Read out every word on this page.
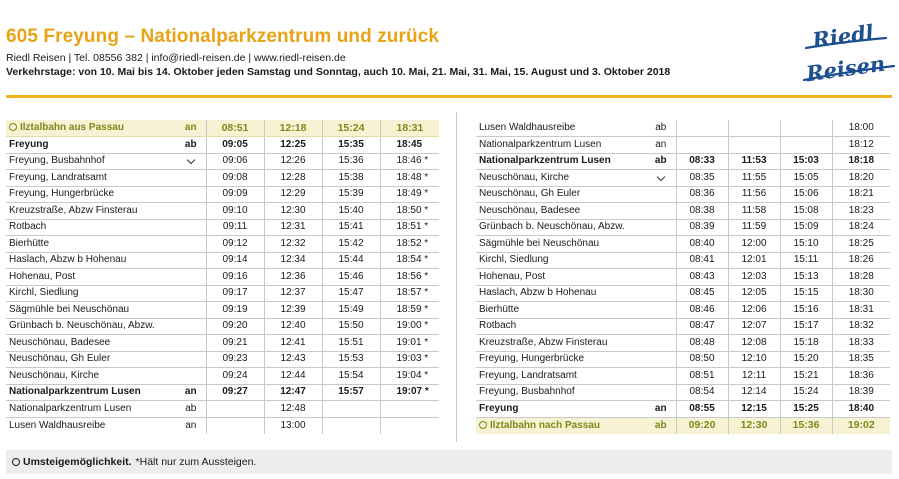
605 Freyung – Nationalparkzentrum und zurück
Riedl Reisen | Tel. 08556 382 | info@riedl-reisen.de | www.riedl-reisen.de
Verkehrstage: von 10. Mai bis 14. Oktober jeden Samstag und Sonntag, auch 10. Mai, 21. Mai, 31. Mai, 15. August und 3. Oktober 2018
Riedl
Reisen
Ilztalbahn aus Passau	an	08:51	12:18	15:24	18:31
Freyung	ab	09:05	12:25	15:35	18:45
Freyung, Busbahnhof		09:06	12:26	15:36	18:46 *
Freyung, Landratsamt		09:08	12:28	15:38	18:48 *
Freyung, Hungerbrücke		09:09	12:29	15:39	18:49 *
Kreuzstraße, Abzw Finsterau		09:10	12:30	15:40	18:50 *
Rotbach		09:11	12:31	15:41	18:51 *
Bierhütte		09:12	12:32	15:42	18:52 *
Haslach, Abzw b Hohenau		09:14	12:34	15:44	18:54 *
Hohenau, Post		09:16	12:36	15:46	18:56 *
Kirchl, Siedlung		09:17	12:37	15:47	18:57 *
Sägmühle bei Neuschönau		09:19	12:39	15:49	18:59 *
Grünbach b. Neuschönau, Abzw.		09:20	12:40	15:50	19:00 *
Neuschönau, Badesee		09:21	12:41	15:51	19:01 *
Neuschönau, Gh Euler		09:23	12:43	15:53	19:03 *
Neuschönau, Kirche		09:24	12:44	15:54	19:04 *
Nationalparkzentrum Lusen	an	09:27	12:47	15:57	19:07 *
Nationalparkzentrum Lusen	ab		12:48		
Lusen Waldhausreibe	an		13:00		
Lusen Waldhausreibe	ab				18:00
Nationalparkzentrum Lusen	an				18:12
Nationalparkzentrum Lusen	ab	08:33	11:53	15:03	18:18
Neuschönau, Kirche		08:35	11:55	15:05	18:20
Neuschönau, Gh Euler		08:36	11:56	15:06	18:21
Neuschönau, Badesee		08:38	11:58	15:08	18:23
Grünbach b. Neuschönau, Abzw.		08:39	11:59	15:09	18:24
Sägmühle bei Neuschönau		08:40	12:00	15:10	18:25
Kirchl, Siedlung		08:41	12:01	15:11	18:26
Hohenau, Post		08:43	12:03	15:13	18:28
Haslach, Abzw b Hohenau		08:45	12:05	15:15	18:30
Bierhütte		08:46	12:06	15:16	18:31
Rotbach		08:47	12:07	15:17	18:32
Kreuzstraße, Abzw Finsterau		08:48	12:08	15:18	18:33
Freyung, Hungerbrücke		08:50	12:10	15:20	18:35
Freyung, Landratsamt		08:51	12:11	15:21	18:36
Freyung, Busbahnhof		08:54	12:14	15:24	18:39
Freyung	an	08:55	12:15	15:25	18:40
Ilztalbahn nach Passau	ab	09:20	12:30	15:36	19:02
Umsteigemöglichkeit. *Hält nur zum Aussteigen.
